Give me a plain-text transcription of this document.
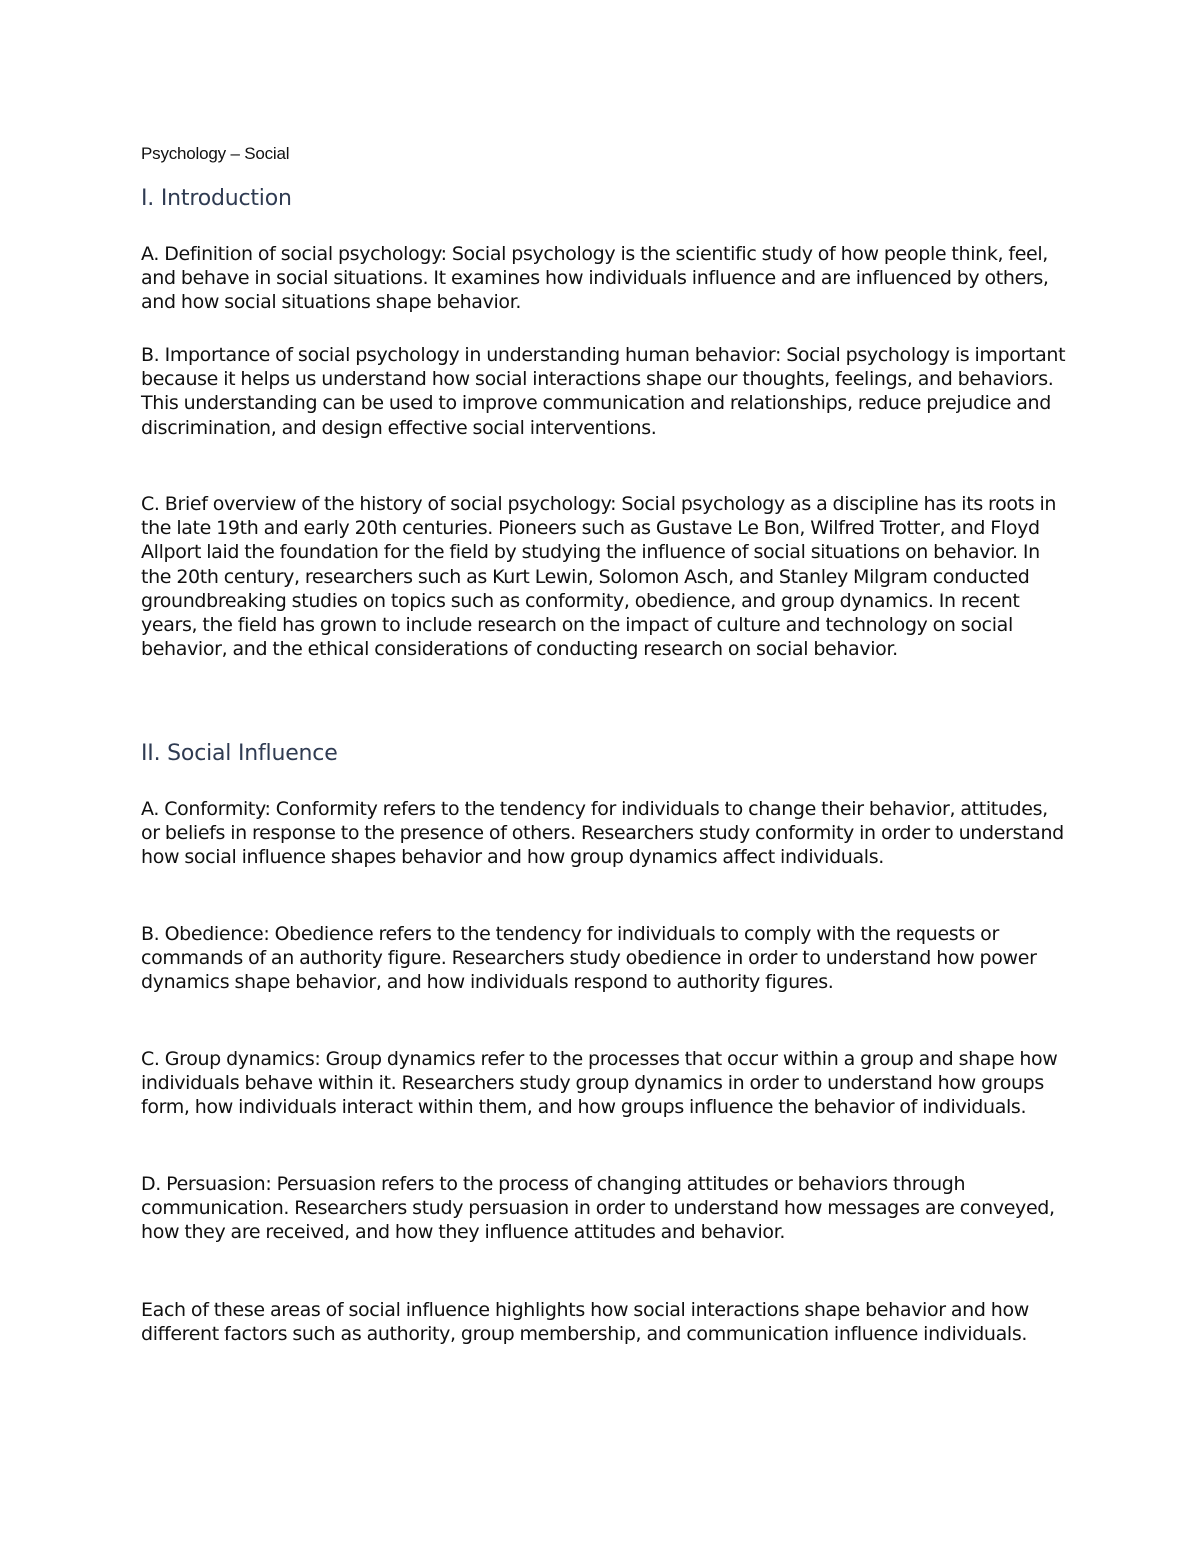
Psychology – Social

I. Introduction

A. Definition of social psychology: Social psychology is the scientific study of how people think, feel, and behave in social situations. It examines how individuals influence and are influenced by others, and how social situations shape behavior.

B. Importance of social psychology in understanding human behavior: Social psychology is important because it helps us understand how social interactions shape our thoughts, feelings, and behaviors. This understanding can be used to improve communication and relationships, reduce prejudice and discrimination, and design effective social interventions.

C. Brief overview of the history of social psychology: Social psychology as a discipline has its roots in the late 19th and early 20th centuries. Pioneers such as Gustave Le Bon, Wilfred Trotter, and Floyd Allport laid the foundation for the field by studying the influence of social situations on behavior. In the 20th century, researchers such as Kurt Lewin, Solomon Asch, and Stanley Milgram conducted groundbreaking studies on topics such as conformity, obedience, and group dynamics. In recent years, the field has grown to include research on the impact of culture and technology on social behavior, and the ethical considerations of conducting research on social behavior.

II. Social Influence

A. Conformity: Conformity refers to the tendency for individuals to change their behavior, attitudes, or beliefs in response to the presence of others. Researchers study conformity in order to understand how social influence shapes behavior and how group dynamics affect individuals.

B. Obedience: Obedience refers to the tendency for individuals to comply with the requests or commands of an authority figure. Researchers study obedience in order to understand how power dynamics shape behavior, and how individuals respond to authority figures.

C. Group dynamics: Group dynamics refer to the processes that occur within a group and shape how individuals behave within it. Researchers study group dynamics in order to understand how groups form, how individuals interact within them, and how groups influence the behavior of individuals.

D. Persuasion: Persuasion refers to the process of changing attitudes or behaviors through communication. Researchers study persuasion in order to understand how messages are conveyed, how they are received, and how they influence attitudes and behavior.

Each of these areas of social influence highlights how social interactions shape behavior and how different factors such as authority, group membership, and communication influence individuals.
